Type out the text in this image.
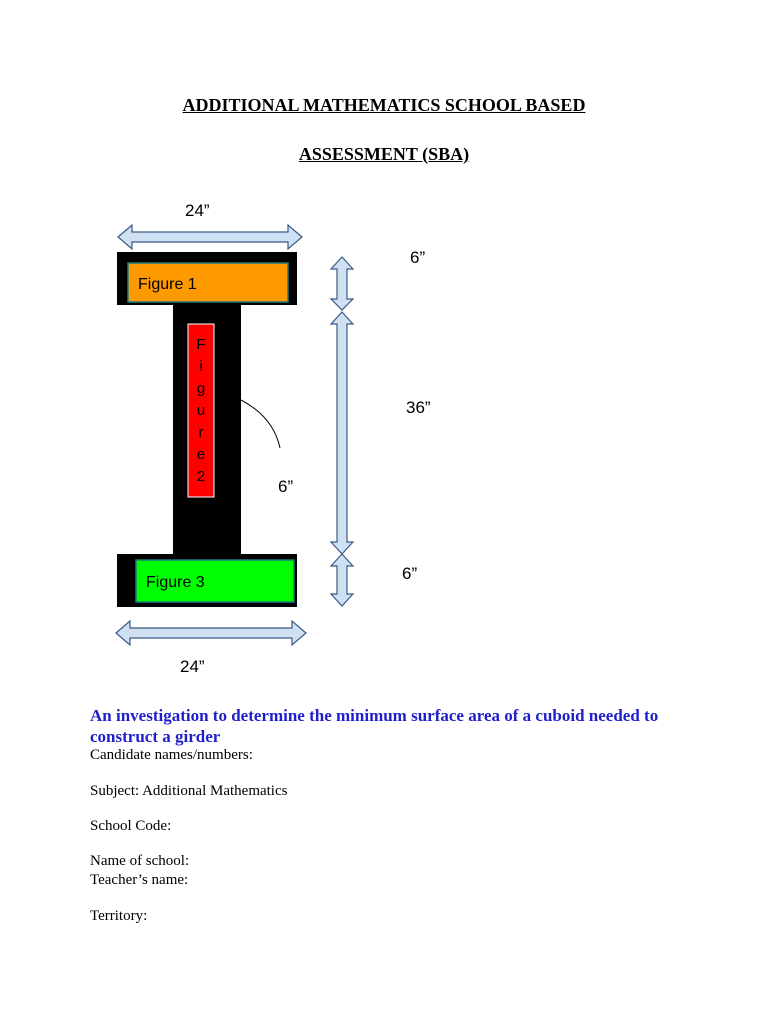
ADDITIONAL MATHEMATICS SCHOOL BASED
ASSESSMENT (SBA)
24”
Figure 1
F
i
g
u
r
e
2
Figure 3
6”
6”
36”
6”
24”

An investigation to determine the minimum surface area of a cuboid needed to construct a girder

Candidate names/numbers:

Subject: Additional Mathematics

School Code:

Name of school:

Teacher’s name:

Territory:
